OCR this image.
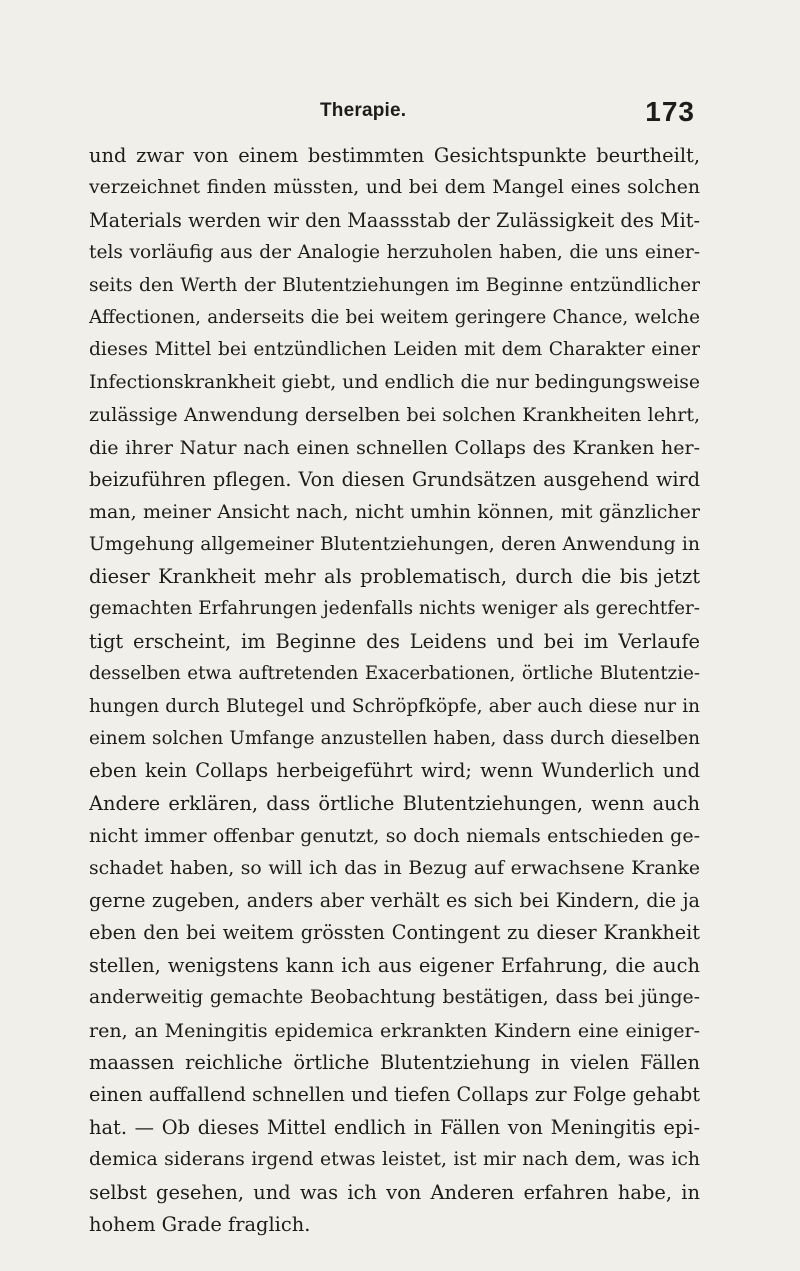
Therapie.	173
und zwar von einem bestimmten Gesichtspunkte beurtheilt,
verzeichnet finden müssten, und bei dem Mangel eines solchen
Materials werden wir den Maassstab der Zulässigkeit des Mit-
tels vorläufig aus der Analogie herzuholen haben, die uns einer-
seits den Werth der Blutentziehungen im Beginne entzündlicher
Affectionen, anderseits die bei weitem geringere Chance, welche
dieses Mittel bei entzündlichen Leiden mit dem Charakter einer
Infectionskrankheit giebt, und endlich die nur bedingungsweise
zulässige Anwendung derselben bei solchen Krankheiten lehrt,
die ihrer Natur nach einen schnellen Collaps des Kranken her-
beizuführen pflegen. Von diesen Grundsätzen ausgehend wird
man, meiner Ansicht nach, nicht umhin können, mit gänzlicher
Umgehung allgemeiner Blutentziehungen, deren Anwendung in
dieser Krankheit mehr als problematisch, durch die bis jetzt
gemachten Erfahrungen jedenfalls nichts weniger als gerechtfer-
tigt erscheint, im Beginne des Leidens und bei im Verlaufe
desselben etwa auftretenden Exacerbationen, örtliche Blutentzie-
hungen durch Blutegel und Schröpfköpfe, aber auch diese nur in
einem solchen Umfange anzustellen haben, dass durch dieselben
eben kein Collaps herbeigeführt wird; wenn Wunderlich und
Andere erklären, dass örtliche Blutentziehungen, wenn auch
nicht immer offenbar genutzt, so doch niemals entschieden ge-
schadet haben, so will ich das in Bezug auf erwachsene Kranke
gerne zugeben, anders aber verhält es sich bei Kindern, die ja
eben den bei weitem grössten Contingent zu dieser Krankheit
stellen, wenigstens kann ich aus eigener Erfahrung, die auch
anderweitig gemachte Beobachtung bestätigen, dass bei jünge-
ren, an Meningitis epidemica erkrankten Kindern eine einiger-
maassen reichliche örtliche Blutentziehung in vielen Fällen
einen auffallend schnellen und tiefen Collaps zur Folge gehabt
hat. — Ob dieses Mittel endlich in Fällen von Meningitis epi-
demica siderans irgend etwas leistet, ist mir nach dem, was ich
selbst gesehen, und was ich von Anderen erfahren habe, in
hohem Grade fraglich.
